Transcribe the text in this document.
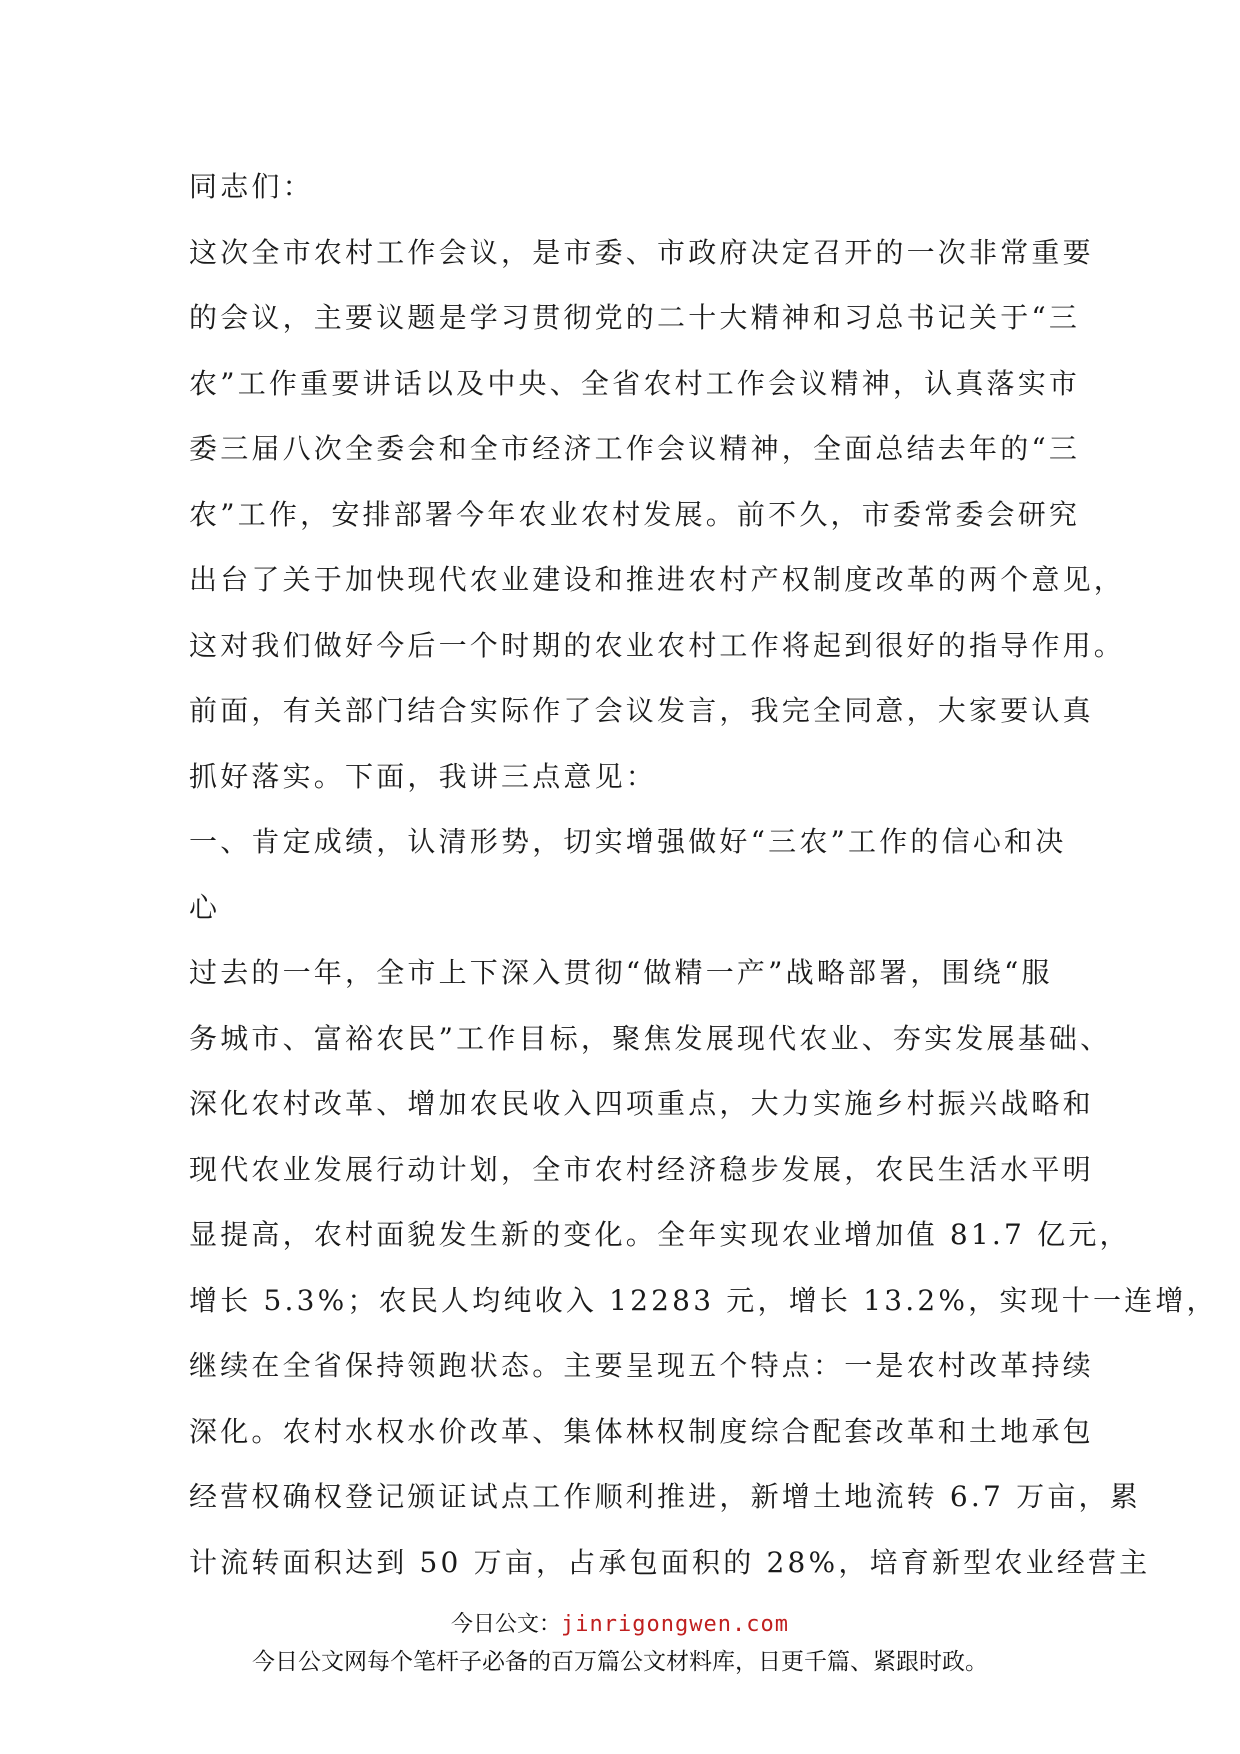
同志们：
这次全市农村工作会议，是市委、市政府决定召开的一次非常重要
的会议，主要议题是学习贯彻党的二十大精神和习总书记关于“三
农”工作重要讲话以及中央、全省农村工作会议精神，认真落实市
委三届八次全委会和全市经济工作会议精神，全面总结去年的“三
农”工作，安排部署今年农业农村发展。前不久，市委常委会研究
出台了关于加快现代农业建设和推进农村产权制度改革的两个意见，
这对我们做好今后一个时期的农业农村工作将起到很好的指导作用。
前面，有关部门结合实际作了会议发言，我完全同意，大家要认真
抓好落实。下面，我讲三点意见：
一、肯定成绩，认清形势，切实增强做好“三农”工作的信心和决
心
过去的一年，全市上下深入贯彻“做精一产”战略部署，围绕“服
务城市、富裕农民”工作目标，聚焦发展现代农业、夯实发展基础、
深化农村改革、增加农民收入四项重点，大力实施乡村振兴战略和
现代农业发展行动计划，全市农村经济稳步发展，农民生活水平明
显提高，农村面貌发生新的变化。全年实现农业增加值 81.7 亿元，
增长 5.3%；农民人均纯收入 12283 元，增长 13.2%，实现十一连增，
继续在全省保持领跑状态。主要呈现五个特点：一是农村改革持续
深化。农村水权水价改革、集体林权制度综合配套改革和土地承包
经营权确权登记颁证试点工作顺利推进，新增土地流转 6.7 万亩，累
计流转面积达到 50 万亩，占承包面积的 28%，培育新型农业经营主
今日公文：jinrigongwen.com
今日公文网每个笔杆子必备的百万篇公文材料库，日更千篇、紧跟时政。
